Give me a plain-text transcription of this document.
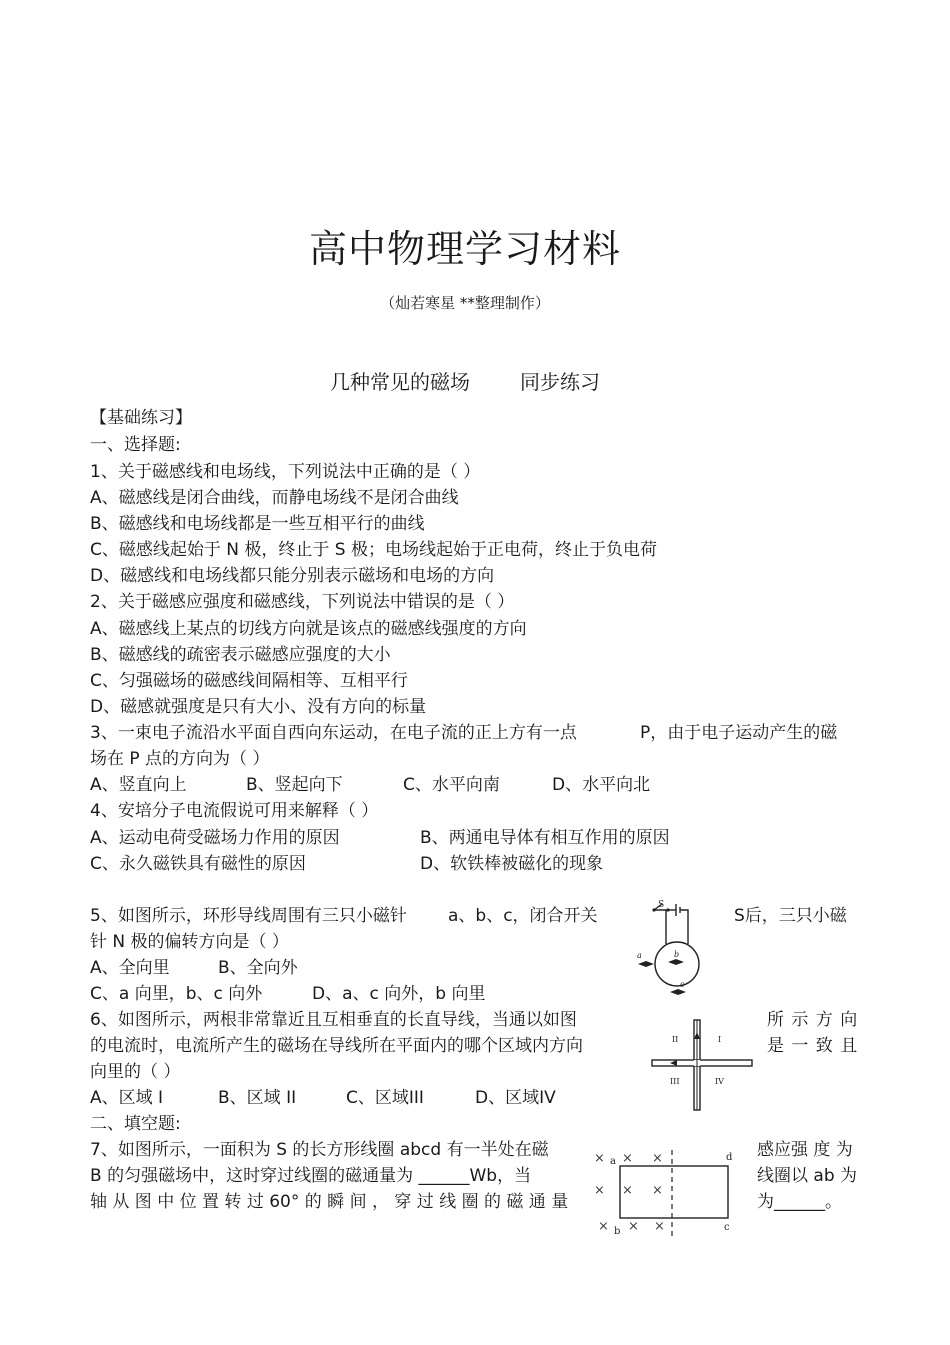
高中物理学习材料
（灿若寒星 **整理制作）
几种常见的磁场	同步练习
【基础练习】
一、选择题:
1、关于磁感线和电场线，下列说法中正确的是（ ）
A、磁感线是闭合曲线，而静电场线不是闭合曲线
B、磁感线和电场线都是一些互相平行的曲线
C、磁感线起始于 N 极，终止于 S 极；电场线起始于正电荷，终止于负电荷
D、磁感线和电场线都只能分别表示磁场和电场的方向
2、关于磁感应强度和磁感线，下列说法中错误的是（ ）
A、磁感线上某点的切线方向就是该点的磁感线强度的方向
B、磁感线的疏密表示磁感应强度的大小
C、匀强磁场的磁感线间隔相等、互相平行
D、磁感就强度是只有大小、没有方向的标量
3、一束电子流沿水平面自西向东运动，在电子流的正上方有一点	P，由于电子运动产生的磁
场在 P 点的方向为（ ）
A、竖直向上	B、竖起向下	C、水平向南	D、水平向北
4、安培分子电流假说可用来解释（ ）
A、运动电荷受磁场力作用的原因	B、两通电导体有相互作用的原因
C、永久磁铁具有磁性的原因	D、软铁棒被磁化的现象
5、如图所示，环形导线周围有三只小磁针 a、b、c，闭合开关	S后，三只小磁
针 N 极的偏转方向是（ ）
A、全向里	B、全向外
C、a 向里，b、c 向外	D、a、c 向外，b 向里
S
a	b
c
6、如图所示，两根非常靠近且互相垂直的长直导线，当通以如图	所 示 方 向
的电流时，电流所产生的磁场在导线所在平面内的哪个区域内方向	是 一 致 且
向里的（ ）
A、区域 I	B、区域 II	C、区域III	D、区域IV
I
II
III	IV
二、填空题:
7、如图所示，一面积为 S 的长方形线圈 abcd 有一半处在磁	感应强 度 为
B 的匀强磁场中，这时穿过线圈的磁通量为 ______Wb，当	线圈以 ab 为
轴 从 图 中 位 置 转 过 60° 的 瞬 间 ， 穿 过 线 圈 的 磁 通 量	为______。
× × ×
× × ×
× × ×
a
b	c
d
